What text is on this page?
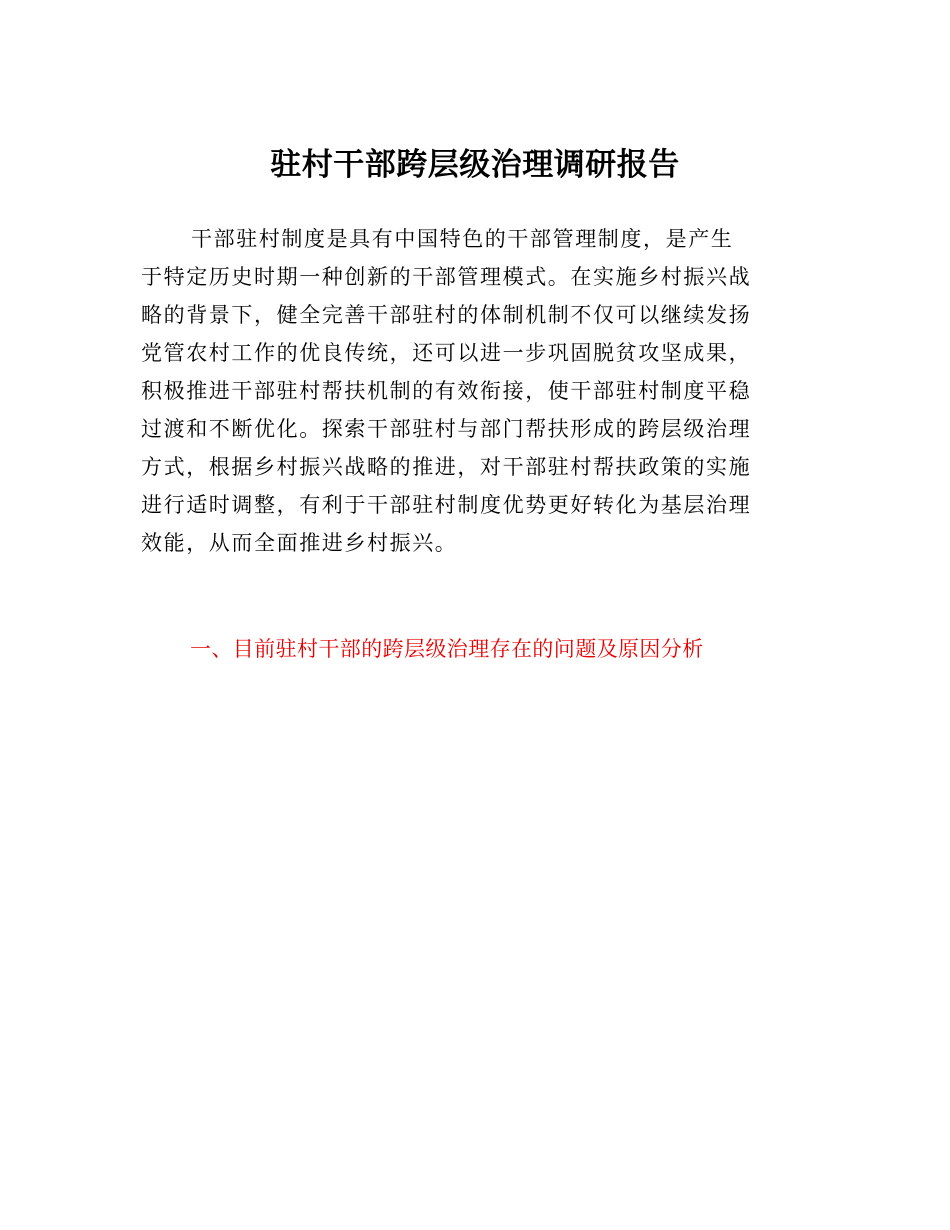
驻村干部跨层级治理调研报告
干部驻村制度是具有中国特色的干部管理制度，是产生
于特定历史时期一种创新的干部管理模式。在实施乡村振兴战
略的背景下，健全完善干部驻村的体制机制不仅可以继续发扬
党管农村工作的优良传统，还可以进一步巩固脱贫攻坚成果，
积极推进干部驻村帮扶机制的有效衔接，使干部驻村制度平稳
过渡和不断优化。探索干部驻村与部门帮扶形成的跨层级治理
方式，根据乡村振兴战略的推进，对干部驻村帮扶政策的实施
进行适时调整，有利于干部驻村制度优势更好转化为基层治理
效能，从而全面推进乡村振兴。
一、目前驻村干部的跨层级治理存在的问题及原因分析
